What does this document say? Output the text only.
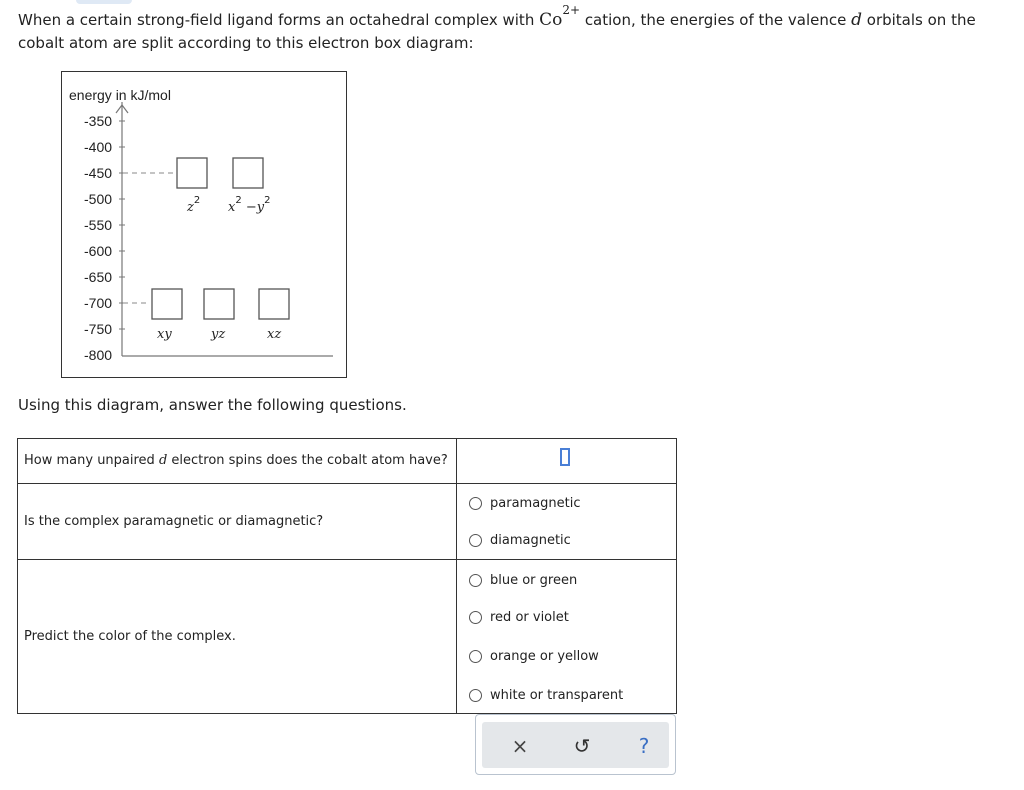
When a certain strong-field ligand forms an octahedral complex with $Co^{2+}$ cation, the energies of the valence d orbitals on the cobalt atom are split according to this electron box diagram:
energy in kJ/mol
-350
-400
-450
-500
-550
-600
-650
-700
-750
-800
$z^2$ $x^2 -y^2$
xy	yz	xz
Using this diagram, answer the following questions.
How many unpaired d electron spins does the cobalt atom have?
Is the complex paramagnetic or diamagnetic?
paramagnetic
diamagnetic
Predict the color of the complex.
blue or green
red or violet
orange or yellow
white or transparent
× ↺	?
